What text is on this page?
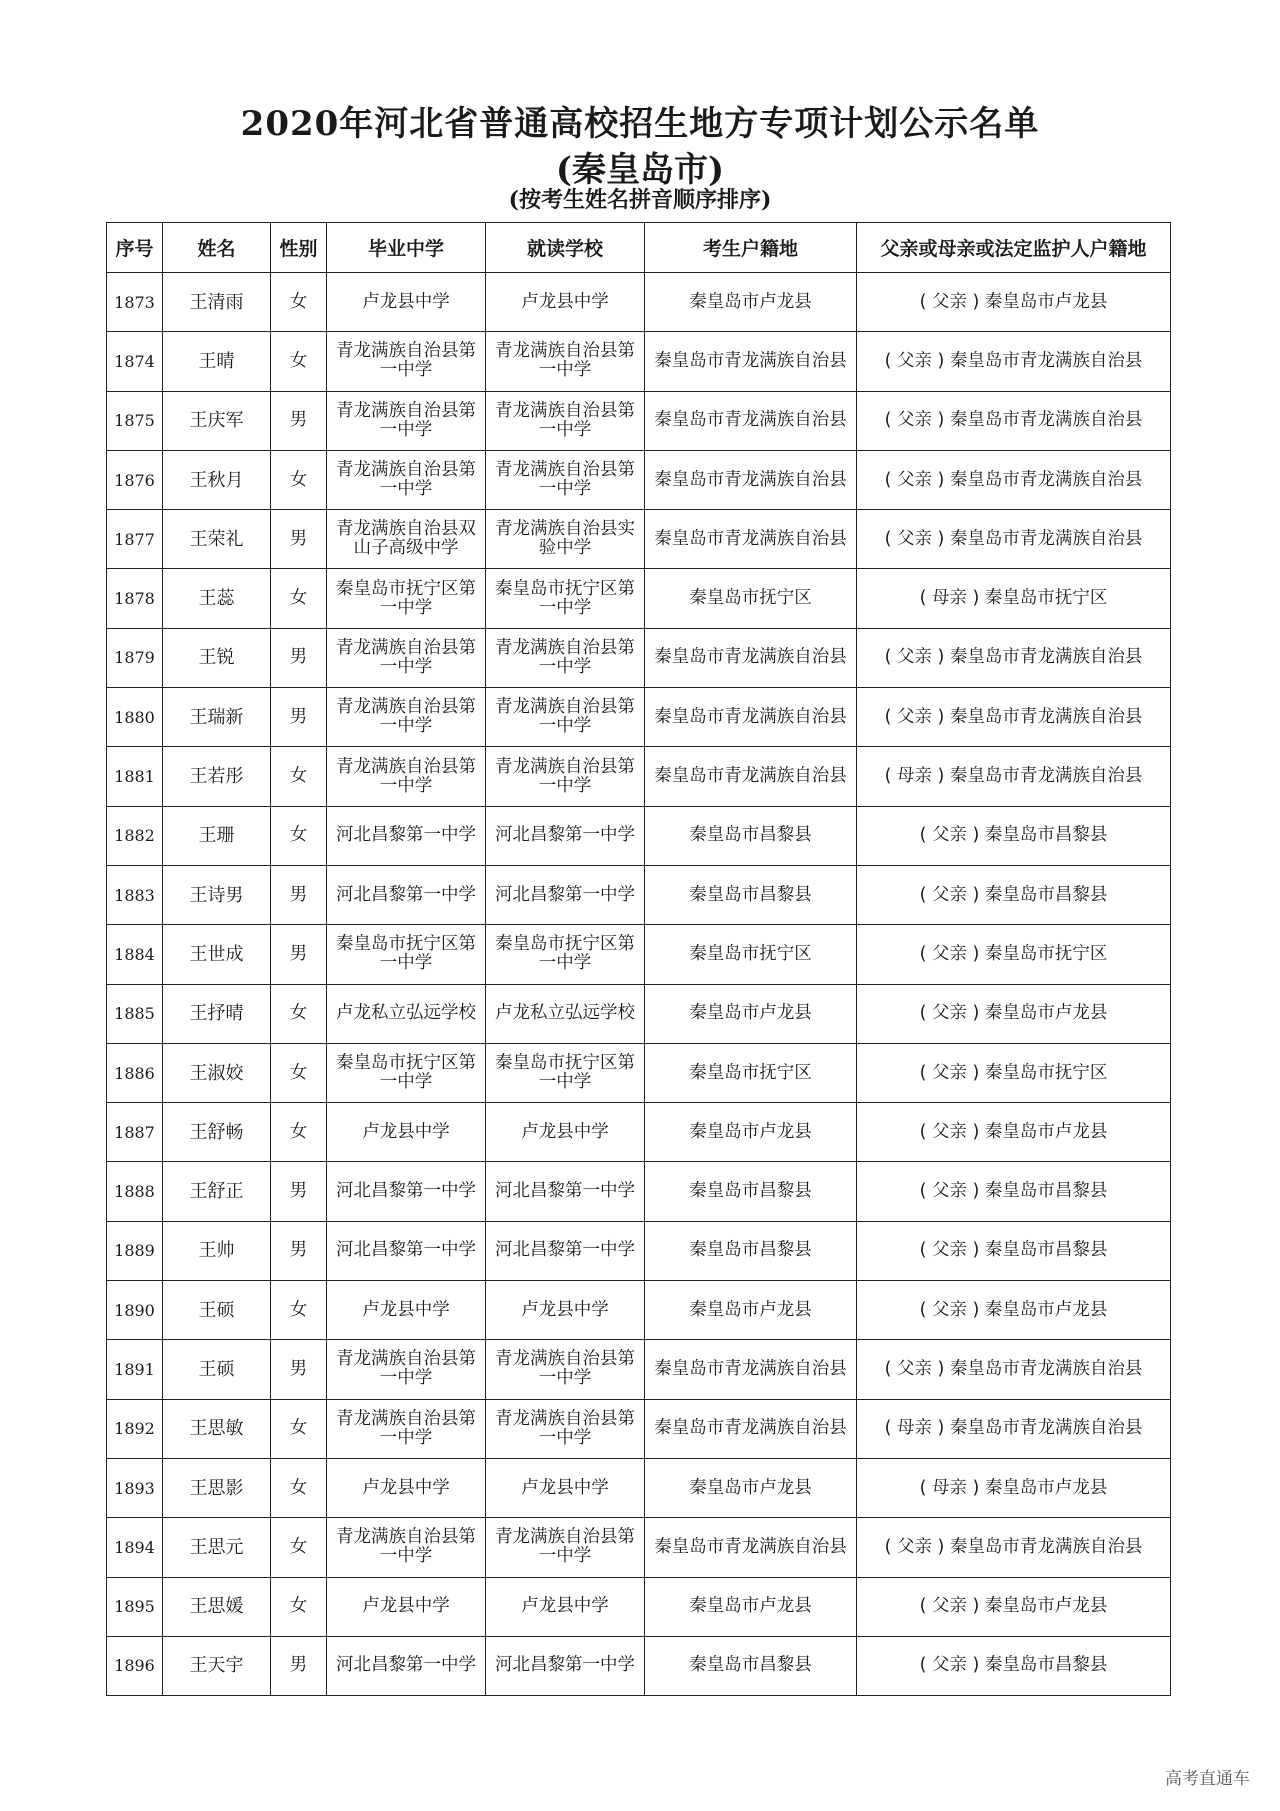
2020年河北省普通高校招生地方专项计划公示名单
(秦皇岛市)
(按考生姓名拼音顺序排序)
序号	姓名	性别	毕业中学	就读学校	考生户籍地	父亲或母亲或法定监护人户籍地
1873	王清雨	女	卢龙县中学	卢龙县中学	秦皇岛市卢龙县	( 父亲 ) 秦皇岛市卢龙县
1874	王晴	女	青龙满族自治县第一中学	青龙满族自治县第一中学	秦皇岛市青龙满族自治县	( 父亲 ) 秦皇岛市青龙满族自治县
1875	王庆军	男	青龙满族自治县第一中学	青龙满族自治县第一中学	秦皇岛市青龙满族自治县	( 父亲 ) 秦皇岛市青龙满族自治县
1876	王秋月	女	青龙满族自治县第一中学	青龙满族自治县第一中学	秦皇岛市青龙满族自治县	( 父亲 ) 秦皇岛市青龙满族自治县
1877	王荣礼	男	青龙满族自治县双山子高级中学	青龙满族自治县实验中学	秦皇岛市青龙满族自治县	( 父亲 ) 秦皇岛市青龙满族自治县
1878	王蕊	女	秦皇岛市抚宁区第一中学	秦皇岛市抚宁区第一中学	秦皇岛市抚宁区	( 母亲 ) 秦皇岛市抚宁区
1879	王锐	男	青龙满族自治县第一中学	青龙满族自治县第一中学	秦皇岛市青龙满族自治县	( 父亲 ) 秦皇岛市青龙满族自治县
1880	王瑞新	男	青龙满族自治县第一中学	青龙满族自治县第一中学	秦皇岛市青龙满族自治县	( 父亲 ) 秦皇岛市青龙满族自治县
1881	王若彤	女	青龙满族自治县第一中学	青龙满族自治县第一中学	秦皇岛市青龙满族自治县	( 母亲 ) 秦皇岛市青龙满族自治县
1882	王珊	女	河北昌黎第一中学	河北昌黎第一中学	秦皇岛市昌黎县	( 父亲 ) 秦皇岛市昌黎县
1883	王诗男	男	河北昌黎第一中学	河北昌黎第一中学	秦皇岛市昌黎县	( 父亲 ) 秦皇岛市昌黎县
1884	王世成	男	秦皇岛市抚宁区第一中学	秦皇岛市抚宁区第一中学	秦皇岛市抚宁区	( 父亲 ) 秦皇岛市抚宁区
1885	王抒晴	女	卢龙私立弘远学校	卢龙私立弘远学校	秦皇岛市卢龙县	( 父亲 ) 秦皇岛市卢龙县
1886	王淑姣	女	秦皇岛市抚宁区第一中学	秦皇岛市抚宁区第一中学	秦皇岛市抚宁区	( 父亲 ) 秦皇岛市抚宁区
1887	王舒畅	女	卢龙县中学	卢龙县中学	秦皇岛市卢龙县	( 父亲 ) 秦皇岛市卢龙县
1888	王舒正	男	河北昌黎第一中学	河北昌黎第一中学	秦皇岛市昌黎县	( 父亲 ) 秦皇岛市昌黎县
1889	王帅	男	河北昌黎第一中学	河北昌黎第一中学	秦皇岛市昌黎县	( 父亲 ) 秦皇岛市昌黎县
1890	王硕	女	卢龙县中学	卢龙县中学	秦皇岛市卢龙县	( 父亲 ) 秦皇岛市卢龙县
1891	王硕	男	青龙满族自治县第一中学	青龙满族自治县第一中学	秦皇岛市青龙满族自治县	( 父亲 ) 秦皇岛市青龙满族自治县
1892	王思敏	女	青龙满族自治县第一中学	青龙满族自治县第一中学	秦皇岛市青龙满族自治县	( 母亲 ) 秦皇岛市青龙满族自治县
1893	王思影	女	卢龙县中学	卢龙县中学	秦皇岛市卢龙县	( 母亲 ) 秦皇岛市卢龙县
1894	王思元	女	青龙满族自治县第一中学	青龙满族自治县第一中学	秦皇岛市青龙满族自治县	( 父亲 ) 秦皇岛市青龙满族自治县
1895	王思媛	女	卢龙县中学	卢龙县中学	秦皇岛市卢龙县	( 父亲 ) 秦皇岛市卢龙县
1896	王天宇	男	河北昌黎第一中学	河北昌黎第一中学	秦皇岛市昌黎县	( 父亲 ) 秦皇岛市昌黎县
高考直通车
